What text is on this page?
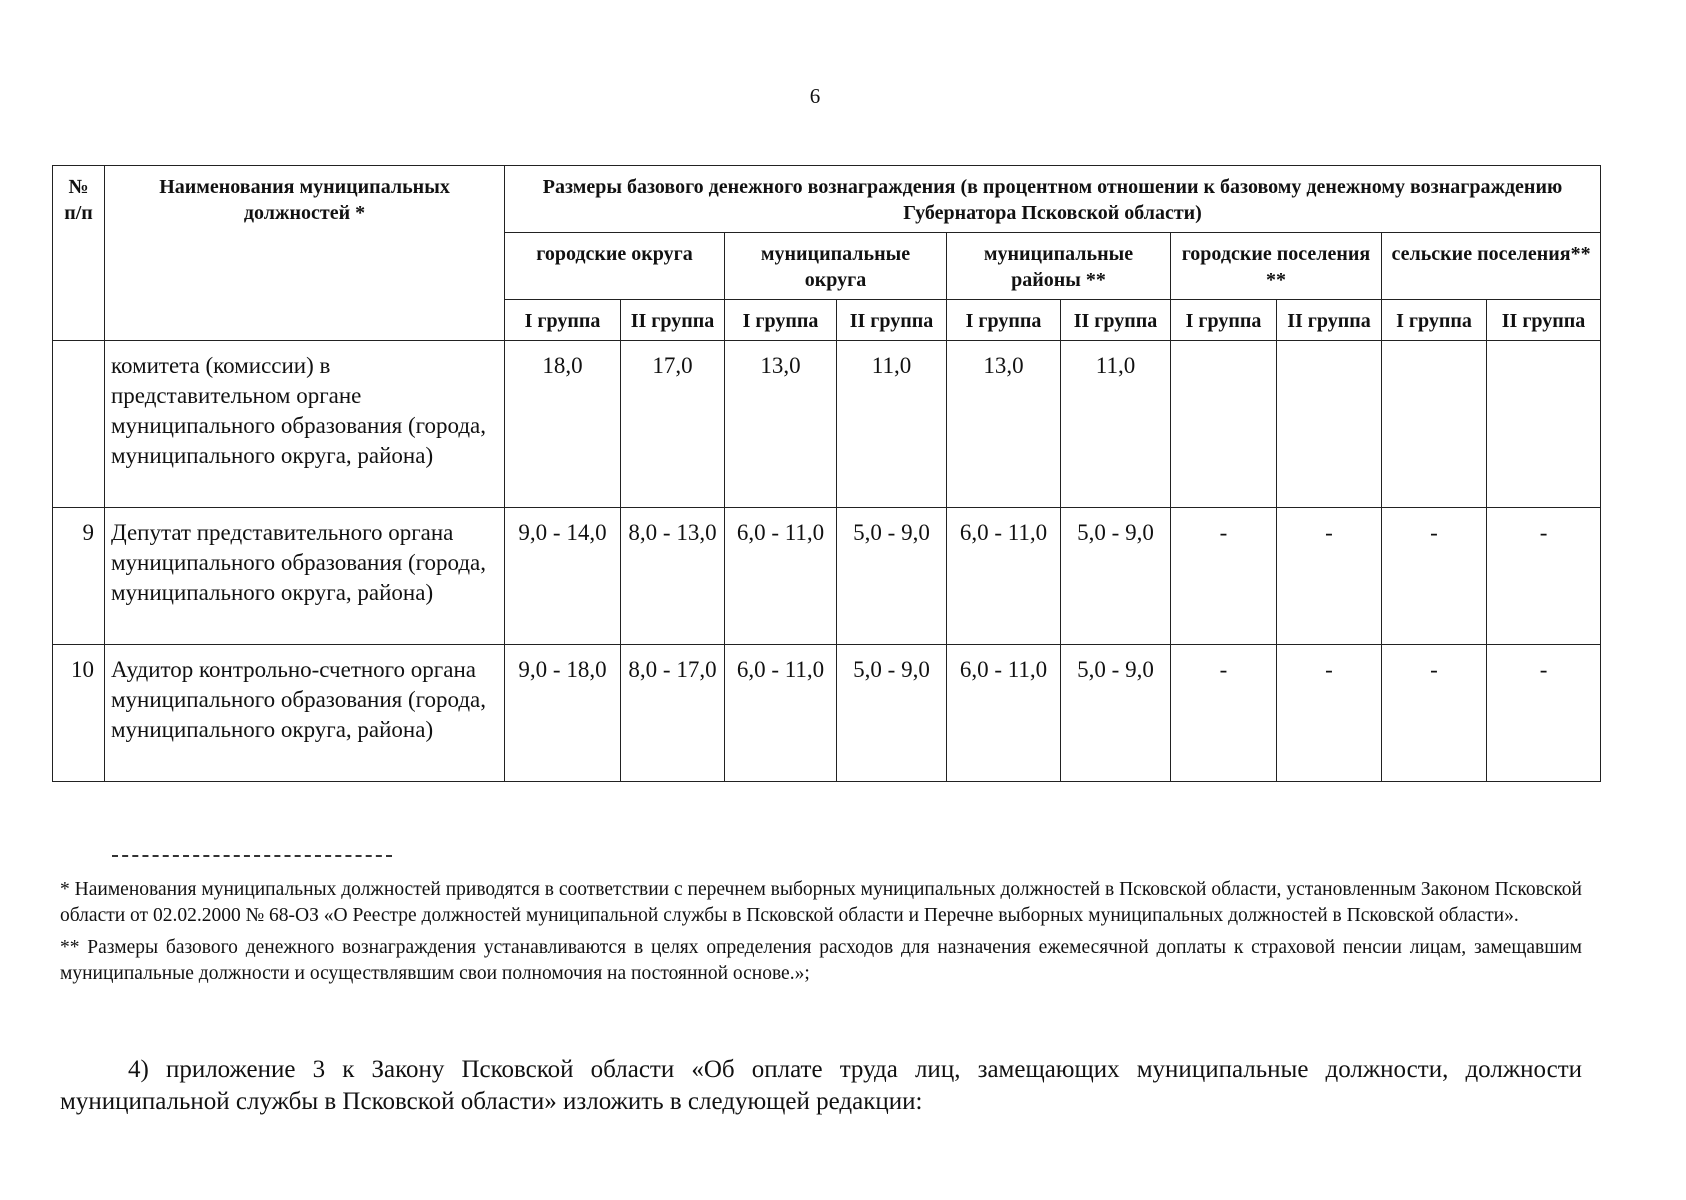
6
№ п/п	Наименования муниципальных должностей *	Размеры базового денежного вознаграждения (в процентном отношении к базовому денежному вознаграждению Губернатора Псковской области)									
		городские округа		муниципальные округа		муниципальные районы **		городские поселения **		сельские поселения**	
		I группа	II группа	I группа	II группа	I группа	II группа	I группа	II группа	I группа	II группа
	комитета (комиссии) в представительном органе муниципального образования (города, муниципального округа, района)	18,0	17,0	13,0	11,0	13,0	11,0				
9	Депутат представительного органа муниципального образования (города, муниципального округа, района)	9,0 - 14,0	8,0 - 13,0	6,0 - 11,0	5,0 - 9,0	6,0 - 11,0	5,0 - 9,0	-	-	-	-
10	Аудитор контрольно-счетного органа муниципального образования (города, муниципального округа, района)	9,0 - 18,0	8,0 - 17,0	6,0 - 11,0	5,0 - 9,0	6,0 - 11,0	5,0 - 9,0	-	-	-	-

* Наименования муниципальных должностей приводятся в соответствии с перечнем выборных муниципальных должностей в Псковской области, установленным Законом Псковской области от 02.02.2000 № 68-ОЗ «О Реестре должностей муниципальной службы в Псковской области и Перечне выборных муниципальных должностей в Псковской области».

** Размеры базового денежного вознаграждения устанавливаются в целях определения расходов для назначения ежемесячной доплаты к страховой пенсии лицам, замещавшим муниципальные должности и осуществлявшим свои полномочия на постоянной основе.»;

4) приложение 3 к Закону Псковской области «Об оплате труда лиц, замещающих муниципальные должности, должности муниципальной службы в Псковской области» изложить в следующей редакции:
